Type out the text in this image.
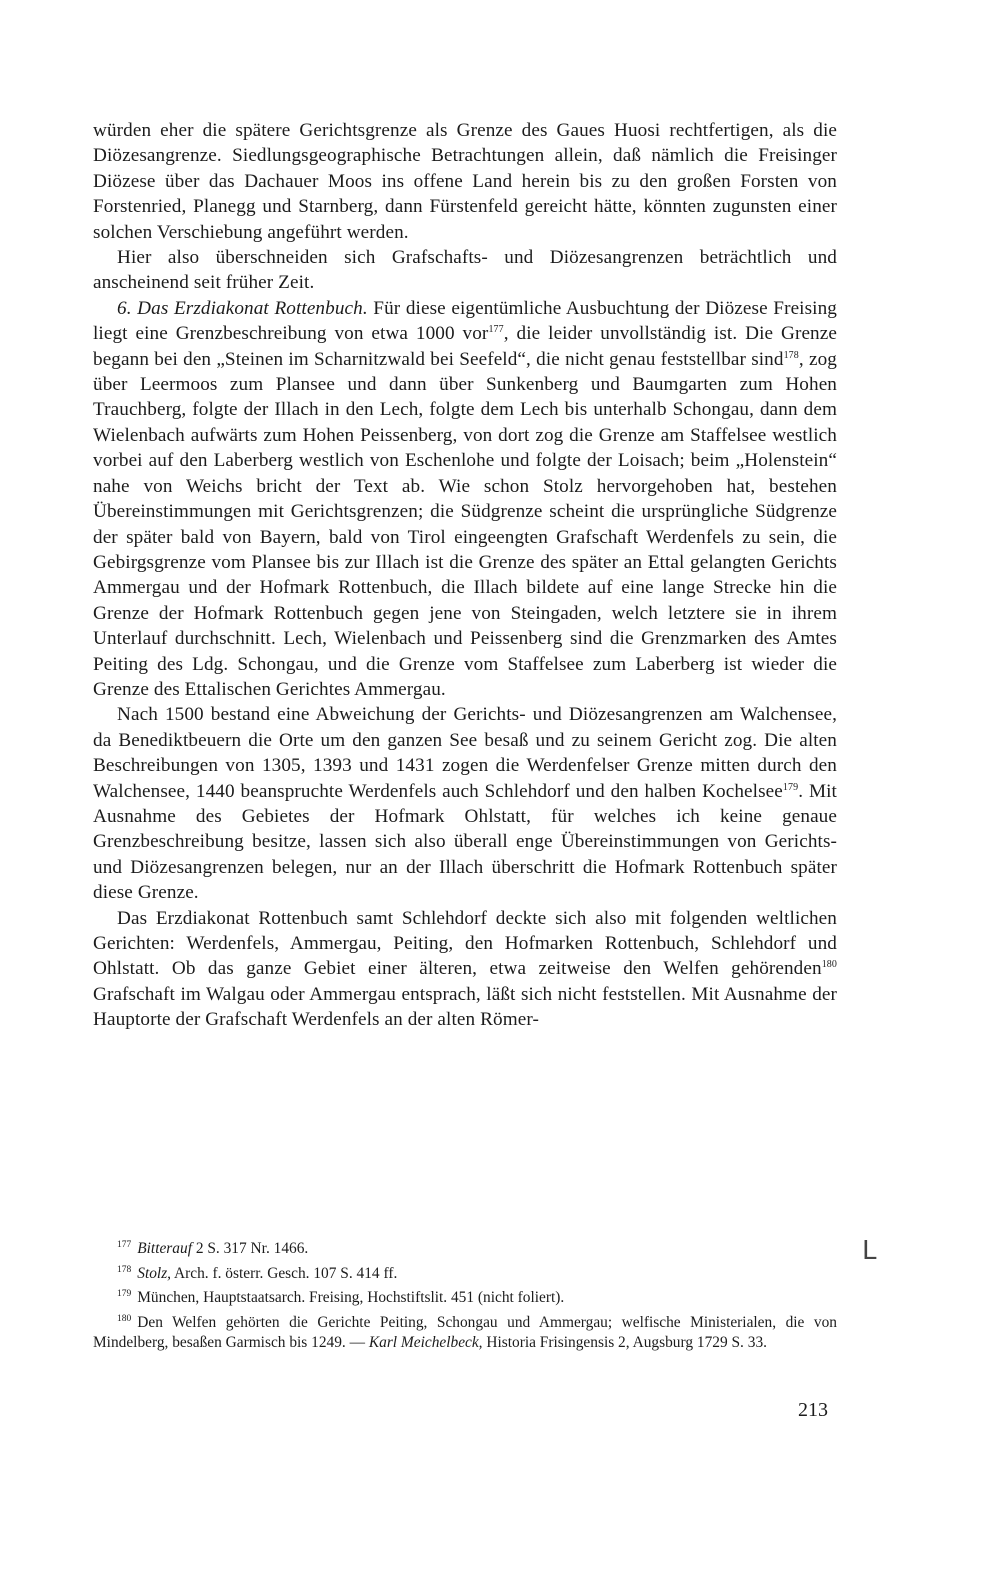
würden eher die spätere Gerichtsgrenze als Grenze des Gaues Huosi rechtfertigen, als die Diözesangrenze. Siedlungsgeographische Betrachtungen allein, daß nämlich die Freisinger Diözese über das Dachauer Moos ins offene Land herein bis zu den großen Forsten von Forstenried, Planegg und Starnberg, dann Fürstenfeld gereicht hätte, könnten zugunsten einer solchen Verschiebung angeführt werden.

Hier also überschneiden sich Grafschafts- und Diözesangrenzen beträchtlich und anscheinend seit früher Zeit.

6. Das Erzdiakonat Rottenbuch. Für diese eigentümliche Ausbuchtung der Diözese Freising liegt eine Grenzbeschreibung von etwa 1000 vor$^{177}$, die leider unvollständig ist. Die Grenze begann bei den „Steinen im Scharnitzwald bei Seefeld“, die nicht genau feststellbar sind$^{178}$, zog über Leermoos zum Plansee und dann über Sunkenberg und Baumgarten zum Hohen Trauchberg, folgte der Illach in den Lech, folgte dem Lech bis unterhalb Schongau, dann dem Wielenbach aufwärts zum Hohen Peissenberg, von dort zog die Grenze am Staffelsee westlich vorbei auf den Laberberg westlich von Eschenlohe und folgte der Loisach; beim „Holenstein“ nahe von Weichs bricht der Text ab. Wie schon Stolz hervorgehoben hat, bestehen Übereinstimmungen mit Gerichtsgrenzen; die Südgrenze scheint die ursprüngliche Südgrenze der später bald von Bayern, bald von Tirol eingeengten Grafschaft Werdenfels zu sein, die Gebirgsgrenze vom Plansee bis zur Illach ist die Grenze des später an Ettal gelangten Gerichts Ammergau und der Hofmark Rottenbuch, die Illach bildete auf eine lange Strecke hin die Grenze der Hofmark Rottenbuch gegen jene von Steingaden, welch letztere sie in ihrem Unterlauf durchschnitt. Lech, Wielenbach und Peissenberg sind die Grenzmarken des Amtes Peiting des Ldg. Schongau, und die Grenze vom Staffelsee zum Laberberg ist wieder die Grenze des Ettalischen Gerichtes Ammergau.

Nach 1500 bestand eine Abweichung der Gerichts- und Diözesangrenzen am Walchensee, da Benediktbeuern die Orte um den ganzen See besaß und zu seinem Gericht zog. Die alten Beschreibungen von 1305, 1393 und 1431 zogen die Werdenfelser Grenze mitten durch den Walchensee, 1440 beanspruchte Werdenfels auch Schlehdorf und den halben Kochelsee$^{179}$. Mit Ausnahme des Gebietes der Hofmark Ohlstatt, für welches ich keine genaue Grenzbeschreibung besitze, lassen sich also überall enge Übereinstimmungen von Gerichts- und Diözesangrenzen belegen, nur an der Illach überschritt die Hofmark Rottenbuch später diese Grenze.

Das Erzdiakonat Rottenbuch samt Schlehdorf deckte sich also mit folgenden weltlichen Gerichten: Werdenfels, Ammergau, Peiting, den Hofmarken Rottenbuch, Schlehdorf und Ohlstatt. Ob das ganze Gebiet einer älteren, etwa zeitweise den Welfen gehörenden$^{180}$ Grafschaft im Walgau oder Ammergau entsprach, läßt sich nicht feststellen. Mit Ausnahme der Hauptorte der Grafschaft Werdenfels an der alten Römer-

$^{177}$ Bitterauf 2 S. 317 Nr. 1466.

$^{178}$ Stolz, Arch. f. österr. Gesch. 107 S. 414 ff.

$^{179}$ München, Hauptstaatsarch. Freising, Hochstiftslit. 451 (nicht foliert).

$^{180}$ Den Welfen gehörten die Gerichte Peiting, Schongau und Ammergau; welfische Ministerialen, die von Mindelberg, besaßen Garmisch bis 1249. — Karl Meichelbeck, Historia Frisingensis 2, Augsburg 1729 S. 33.

L
213
